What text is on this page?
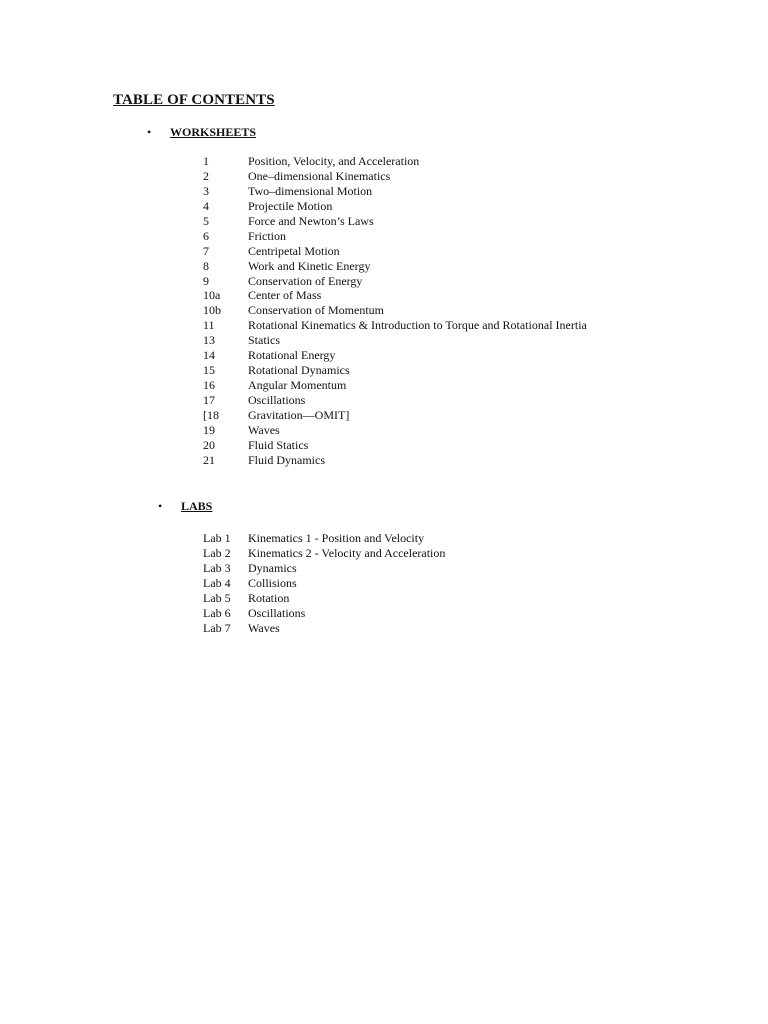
TABLE OF CONTENTS
•	WORKSHEETS
1	Position, Velocity, and Acceleration
2	One–dimensional Kinematics
3	Two–dimensional Motion
4	Projectile Motion
5	Force and Newton’s Laws
6	Friction
7	Centripetal Motion
8	Work and Kinetic Energy
9	Conservation of Energy
10a	Center of Mass
10b	Conservation of Momentum
11	Rotational Kinematics & Introduction to Torque and Rotational Inertia
13	Statics
14	Rotational Energy
15	Rotational Dynamics
16	Angular Momentum
17	Oscillations
[18	Gravitation—OMIT]
19	Waves
20	Fluid Statics
21	Fluid Dynamics
•	LABS
Lab 1	Kinematics 1 - Position and Velocity
Lab 2	Kinematics 2 - Velocity and Acceleration
Lab 3	Dynamics
Lab 4	Collisions
Lab 5	Rotation
Lab 6	Oscillations
Lab 7	Waves
